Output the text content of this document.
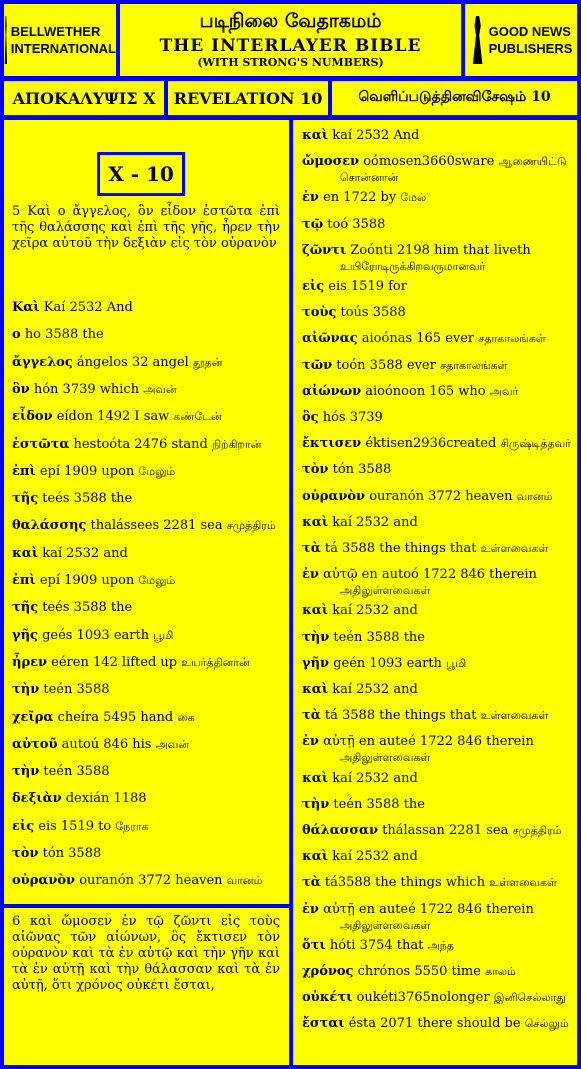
BELLWETHER
INTERNATIONAL
படிநிலை வேதாகமம்
THE INTERLAYER BIBLE
(WITH STRONG'S NUMBERS)
GOOD NEWS
PUBLISHERS
ΑΠΟΚΑΛΥΨΙΣ X REVELATION 10	வெளிப்படுத்தினவிசேஷம் 10
X - 10
5 Καὶ ο ἄγγελος, ὃν εἶδον ἑστῶτα ἐπὶ τῆς θαλάσσης καὶ ἐπὶ τῆς γῆς, ἦρεν τὴν χεῖρα αὐτοῦ τὴν δεξιὰν εἰς τὸν οὐρανὸν
Καὶ Kaí 2532 And
ο ho 3588 the
ἄγγελος ángelos 32 angel தூதன்
ὃν hón 3739 which அவன்
εἶδον eídon 1492 I saw கண்டேன்
ἑστῶτα hestoóta 2476 stand நிற்கிறான்
ἐπὶ epí 1909 upon மேலும்
τῆς teés 3588 the
θαλάσσης thalássees 2281 sea சமுத்திரம்
καὶ kaí 2532 and
ἐπὶ epí 1909 upon மேலும்
τῆς teés 3588 the
γῆς geés 1093 earth பூமி
ἦρεν eéren 142 lifted up உயர்த்தினான்
τὴν teén 3588
χεῖρα cheíra 5495 hand கை
αὐτοῦ autoú 846 his அவன்
τὴν teén 3588
δεξιὰν dexián 1188
εἰς eis 1519 to நேராக
τὸν tón 3588
οὐρανὸν ouranón 3772 heaven வானம்
6 καὶ ὤμοσεν ἐν τῷ ζῶντι εἰς τοὺς αἰῶνας τῶν αἰώνων, ὃς ἔκτισεν τὸν οὐρανὸν καὶ τὰ ἐν αὐτῷ καὶ τὴν γῆν καὶ τὰ ἐν αὐτῇ καὶ τὴν θάλασσαν καὶ τὰ ἐν αὐτῇ, ὅτι χρόνος οὐκέτι ἔσται,
καὶ kaí 2532 And
ὤμοσεν oómosen3660sware ஆணையிட்டு
சொன்னான்
ἐν en 1722 by மேல்
τῷ toó 3588
ζῶντι Zoónti 2198 him that liveth
உயிரோடிருக்கிறவருமானவர்
εἰς eis 1519 for
τοὺς toús 3588
αἰῶνας aioónas 165 ever சதாகாலங்கள்
τῶν toón 3588 ever சதாகாலங்கள்
αἰώνων aioónoon 165 who அவர்
ὃς hós 3739
ἔκτισεν éktisen2936created சிருஷ்டித்தவர்
τὸν tón 3588
οὐρανὸν ouranón 3772 heaven வானம்
καὶ kaí 2532 and
τὰ tá 3588 the things that உள்ளவைகள்
ἐν αὐτῷ en autoó 1722 846 therein
அதிலுள்ளவைகள்
καὶ kaí 2532 and
τὴν teén 3588 the
γῆν geén 1093 earth பூமி
καὶ kaí 2532 and
τὰ tá 3588 the things that உள்ளவைகள்
ἐν αὐτῇ en auteé 1722 846 therein
அதிலுள்ளவைகள்
καὶ kaí 2532 and
τὴν teén 3588 the
θάλασσαν thálassan 2281 sea சமுத்திரம்
καὶ kaí 2532 and
τὰ tá3588 the things which உள்ளவைகள்
ἐν αὐτῇ en auteé 1722 846 therein
அதிலுள்ளவைகள்
ὅτι hóti 3754 that அந்த
χρόνος chrónos 5550 time காலம்
οὐκέτι oukéti3765nolonger இனிசெல்லாது
ἔσται ésta 2071 there should be செல்லும்
